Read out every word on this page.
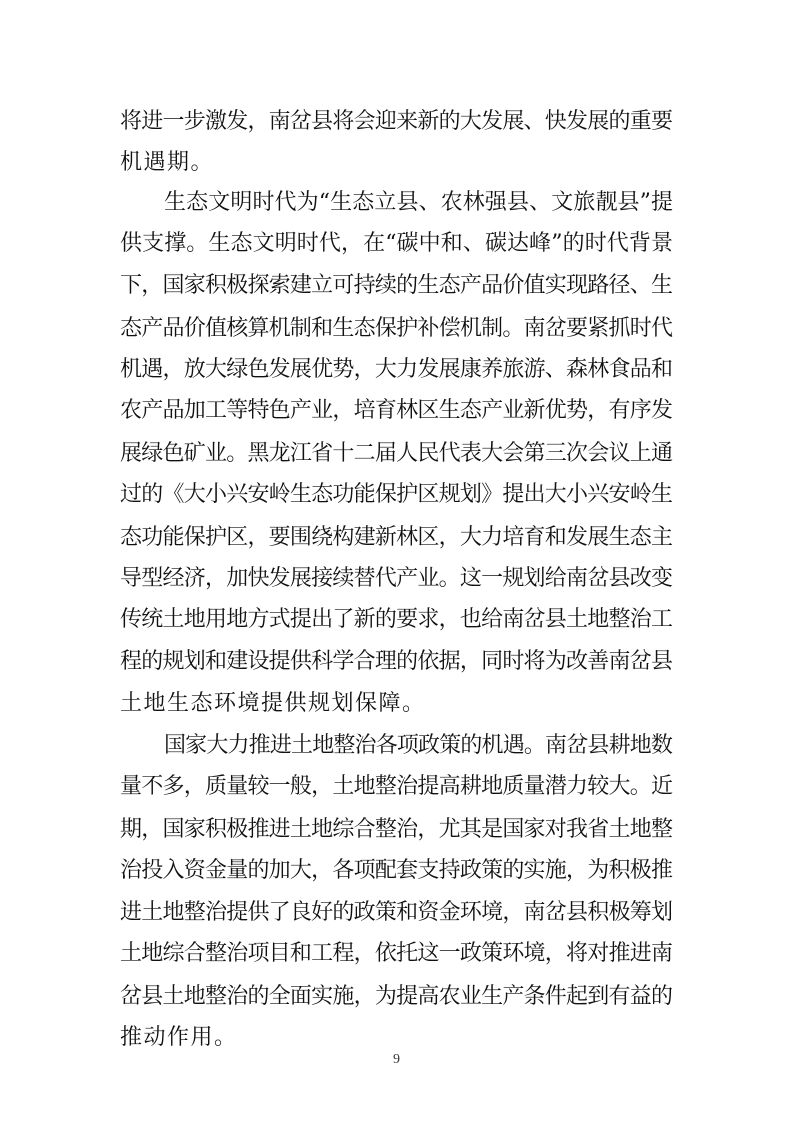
将进一步激发，南岔县将会迎来新的大发展、快发展的重要
机遇期。
生态文明时代为“生态立县、农林强县、文旅靓县”提
供支撑。生态文明时代，在“碳中和、碳达峰”的时代背景
下，国家积极探索建立可持续的生态产品价值实现路径、生
态产品价值核算机制和生态保护补偿机制。南岔要紧抓时代
机遇，放大绿色发展优势，大力发展康养旅游、森林食品和
农产品加工等特色产业，培育林区生态产业新优势，有序发
展绿色矿业。黑龙江省十二届人民代表大会第三次会议上通
过的《大小兴安岭生态功能保护区规划》提出大小兴安岭生
态功能保护区，要围绕构建新林区，大力培育和发展生态主
导型经济，加快发展接续替代产业。这一规划给南岔县改变
传统土地用地方式提出了新的要求，也给南岔县土地整治工
程的规划和建设提供科学合理的依据，同时将为改善南岔县
土地生态环境提供规划保障。
国家大力推进土地整治各项政策的机遇。南岔县耕地数
量不多，质量较一般，土地整治提高耕地质量潜力较大。近
期，国家积极推进土地综合整治，尤其是国家对我省土地整
治投入资金量的加大，各项配套支持政策的实施，为积极推
进土地整治提供了良好的政策和资金环境，南岔县积极筹划
土地综合整治项目和工程，依托这一政策环境，将对推进南
岔县土地整治的全面实施，为提高农业生产条件起到有益的
推动作用。
9
